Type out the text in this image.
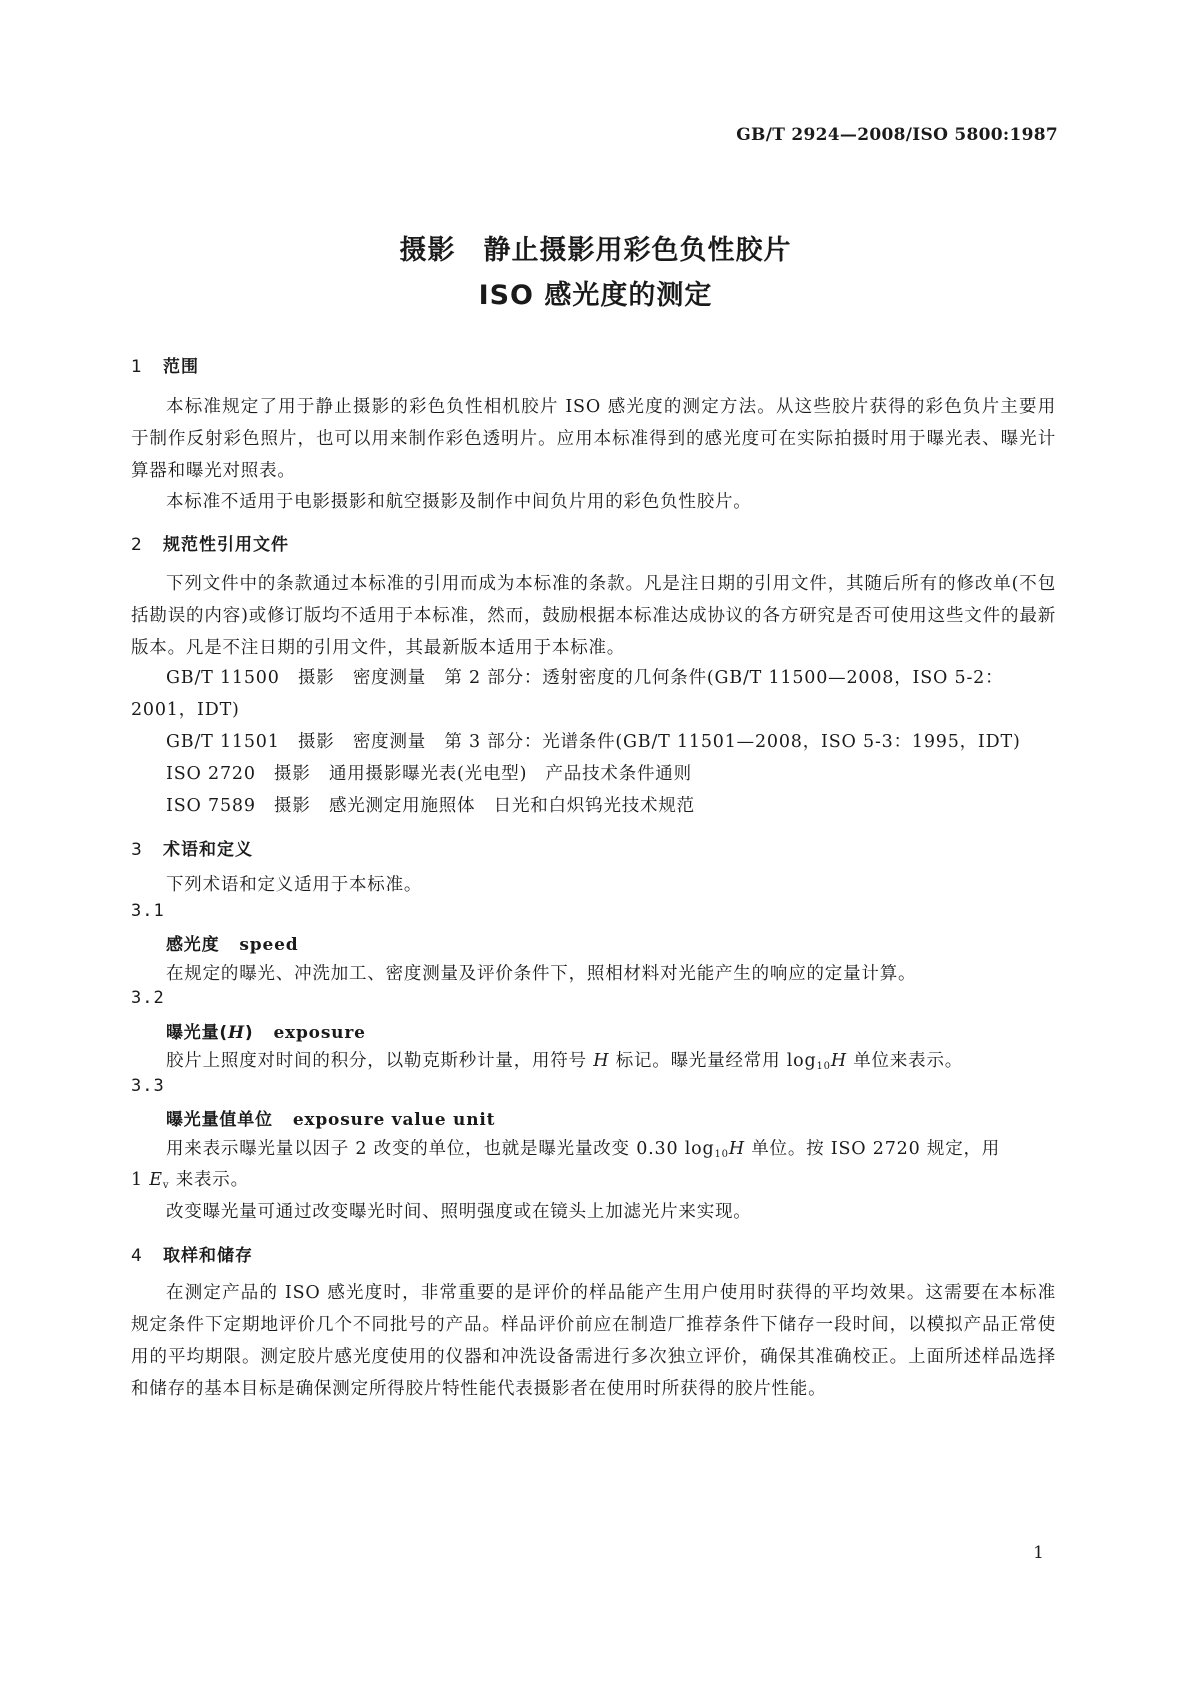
GB/T 2924—2008/ISO 5800:1987
摄影　静止摄影用彩色负性胶片
ISO 感光度的测定
1 范围
本标准规定了用于静止摄影的彩色负性相机胶片 ISO 感光度的测定方法。从这些胶片获得的彩色负片主要用于制作反射彩色照片，也可以用来制作彩色透明片。应用本标准得到的感光度可在实际拍摄时用于曝光表、曝光计算器和曝光对照表。
本标准不适用于电影摄影和航空摄影及制作中间负片用的彩色负性胶片。
2 规范性引用文件
下列文件中的条款通过本标准的引用而成为本标准的条款。凡是注日期的引用文件，其随后所有的修改单(不包括勘误的内容)或修订版均不适用于本标准，然而，鼓励根据本标准达成协议的各方研究是否可使用这些文件的最新版本。凡是不注日期的引用文件，其最新版本适用于本标准。
GB/T 11500　摄影　密度测量　第 2 部分：透射密度的几何条件(GB/T 11500—2008，ISO 5-2：
2001，IDT)
GB/T 11501　摄影　密度测量　第 3 部分：光谱条件(GB/T 11501—2008，ISO 5-3：1995，IDT)
ISO 2720　摄影　通用摄影曝光表(光电型)　产品技术条件通则
ISO 7589　摄影　感光测定用施照体　日光和白炽钨光技术规范
3 术语和定义
下列术语和定义适用于本标准。
3.1
感光度 speed
在规定的曝光、冲洗加工、密度测量及评价条件下，照相材料对光能产生的响应的定量计算。
3.2
曝光量(H) exposure
胶片上照度对时间的积分，以勒克斯秒计量，用符号 H 标记。曝光量经常用 $\log_{10}H$ 单位来表示。
3.3
曝光量值单位 exposure value unit
用来表示曝光量以因子 2 改变的单位，也就是曝光量改变 0.30 $\log_{10}H$ 单位。按 ISO 2720 规定，用
1 $E_v$ 来表示。
改变曝光量可通过改变曝光时间、照明强度或在镜头上加滤光片来实现。
4 取样和储存
在测定产品的 ISO 感光度时，非常重要的是评价的样品能产生用户使用时获得的平均效果。这需要在本标准规定条件下定期地评价几个不同批号的产品。样品评价前应在制造厂推荐条件下储存一段时间，以模拟产品正常使用的平均期限。测定胶片感光度使用的仪器和冲洗设备需进行多次独立评价，确保其准确校正。上面所述样品选择和储存的基本目标是确保测定所得胶片特性能代表摄影者在使用时所获得的胶片性能。
1
